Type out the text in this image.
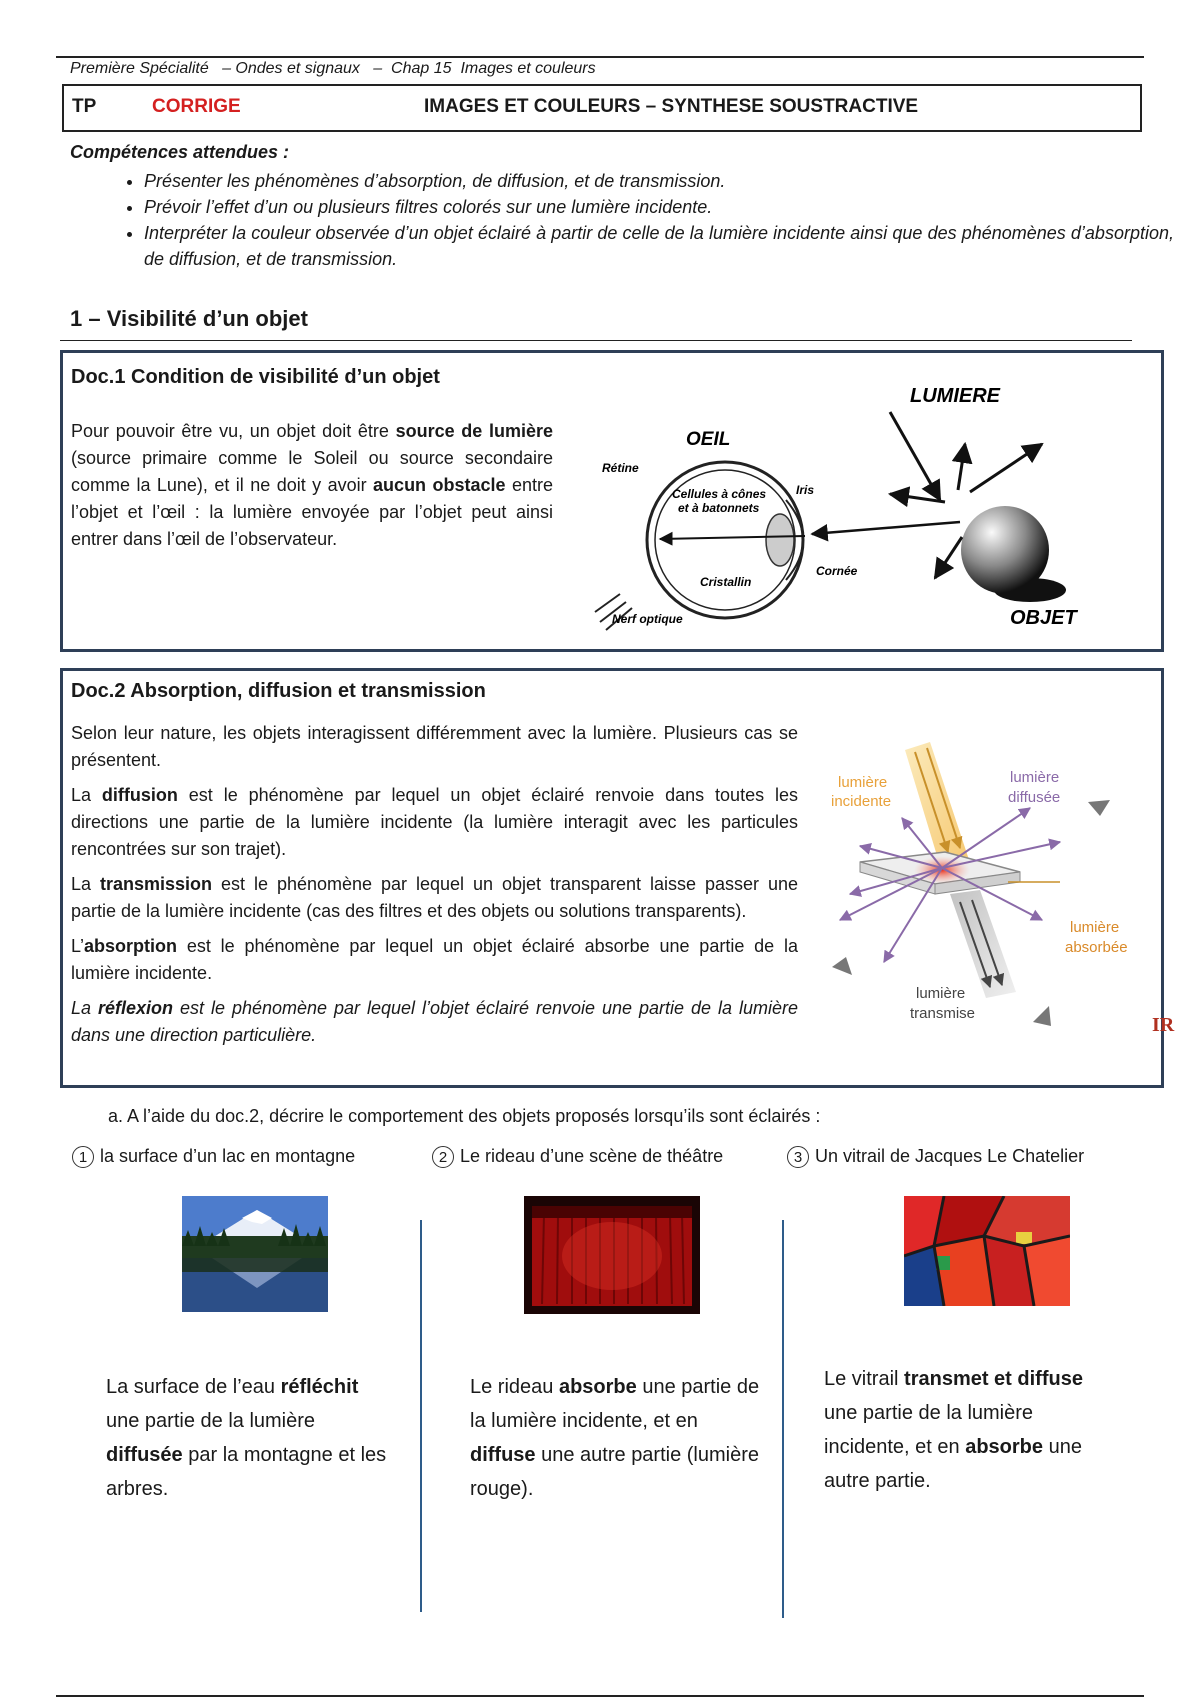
Première Spécialité   – Ondes et signaux   –  Chap 15  Images et couleurs
TP	CORRIGE	IMAGES ET COULEURS – SYNTHESE SOUSTRACTIVE
Compétences attendues :
• Présenter les phénomènes d’absorption, de diffusion, et de transmission.
• Prévoir l’effet d’un ou plusieurs filtres colorés sur une lumière incidente.
• Interpréter la couleur observée d’un objet éclairé à partir de celle de la lumière incidente ainsi que des phénomènes d’absorption, de diffusion, et de transmission.
1 – Visibilité d’un objet
Doc.1 Condition de visibilité d’un objet
Pour pouvoir être vu, un objet doit être source de lumière (source primaire comme le Soleil ou source secondaire comme la Lune), et il ne doit y avoir aucun obstacle entre l’objet et l’œil : la lumière envoyée par l’objet peut ainsi entrer dans l’œil de l’observateur.
OEIL
Rétine
Cellules à cônes
et à batonnets
Iris
Cristallin
Cornée
Nerf optique
LUMIERE
OBJET
Doc.2 Absorption, diffusion et transmission

Selon leur nature, les objets interagissent différemment avec la lumière. Plusieurs cas se présentent.

La diffusion est le phénomène par lequel un objet éclairé renvoie dans toutes les directions une partie de la lumière incidente (la lumière interagit avec les particules rencontrées sur son trajet).

La transmission est le phénomène par lequel un objet transparent laisse passer une partie de la lumière incidente (cas des filtres et des objets ou solutions transparents).

L’absorption est le phénomène par lequel un objet éclairé absorbe une partie de la lumière incidente.

La réflexion est le phénomène par lequel l’objet éclairé renvoie une partie de la lumière dans une direction particulière.

lumière
incidente
lumière
diffusée
lumière
absorbée
lumière
transmise
IR
a. A l’aide du doc.2, décrire le comportement des objets proposés lorsqu’ils sont éclairés :
1 la surface d’un lac en montagne	2 Le rideau d’une scène de théâtre	3 Un vitrail de Jacques Le Chatelier
La surface de l’eau réfléchit une partie de la lumière diffusée par la montagne et les arbres.
Le rideau absorbe une partie de la lumière incidente, et en diffuse une autre partie (lumière rouge).
Le vitrail transmet et diffuse une partie de la lumière incidente, et en absorbe une autre partie.
